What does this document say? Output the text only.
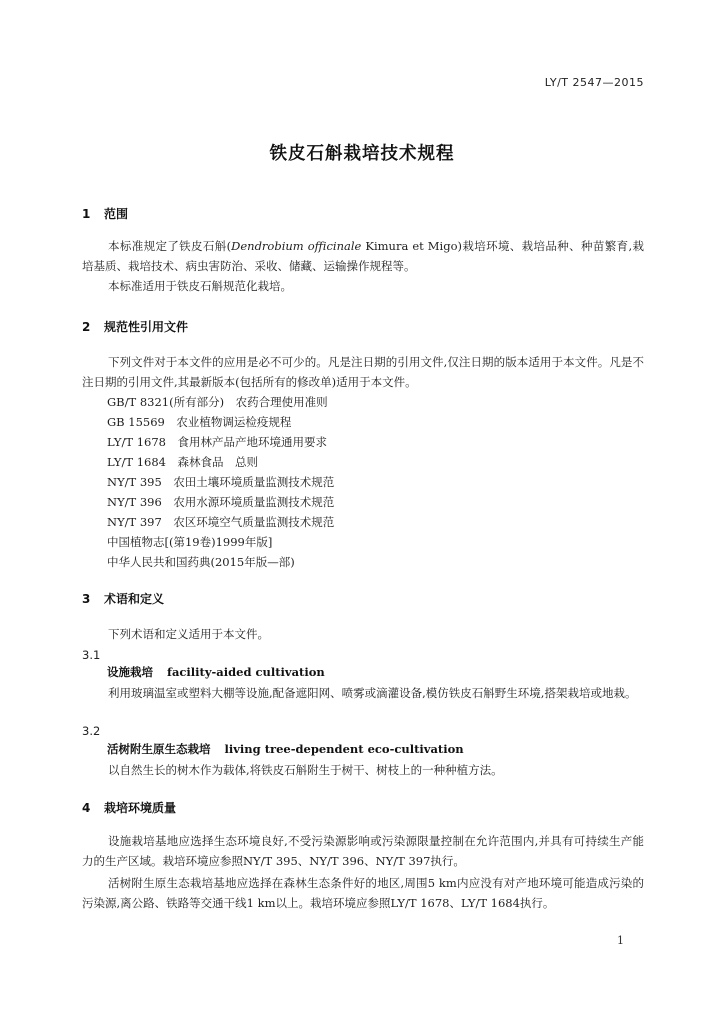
LY/T 2547—2015
铁皮石斛栽培技术规程
1 范围
本标准规定了铁皮石斛(Dendrobium officinale Kimura et Migo)栽培环境、栽培品种、种苗繁育,栽培基质、栽培技术、病虫害防治、采收、储藏、运输操作规程等。
本标准适用于铁皮石斛规范化栽培。
2 规范性引用文件
下列文件对于本文件的应用是必不可少的。凡是注日期的引用文件,仅注日期的版本适用于本文件。凡是不注日期的引用文件,其最新版本(包括所有的修改单)适用于本文件。
GB/T 8321(所有部分)　 农药合理使用准则
GB 15569　 农业植物调运检疫规程
LY/T 1678　 食用林产品产地环境通用要求
LY/T 1684　 森林食品　总则
NY/T 395　 农田土壤环境质量监测技术规范
NY/T 396　 农用水源环境质量监测技术规范
NY/T 397　 农区环境空气质量监测技术规范
中国植物志[(第19卷)1999年版]
中华人民共和国药典(2015年版—部)
3 术语和定义
下列术语和定义适用于本文件。
3.1
设施栽培 facility-aided cultivation
利用玻璃温室或塑料大棚等设施,配备遮阳网、喷雾或滴灌设备,模仿铁皮石斛野生环境,搭架栽培或地栽。
3.2
活树附生原生态栽培 living tree-dependent eco-cultivation
以自然生长的树木作为载体,将铁皮石斛附生于树干、树枝上的一种种植方法。
4 栽培环境质量
设施栽培基地应选择生态环境良好,不受污染源影响或污染源限量控制在允许范围内,并具有可持续生产能力的生产区域。栽培环境应参照NY/T 395、NY/T 396、NY/T 397执行。
活树附生原生态栽培基地应选择在森林生态条件好的地区,周围5 km内应没有对产地环境可能造成污染的污染源,离公路、铁路等交通干线1 km以上。栽培环境应参照LY/T 1678、LY/T 1684执行。
1
